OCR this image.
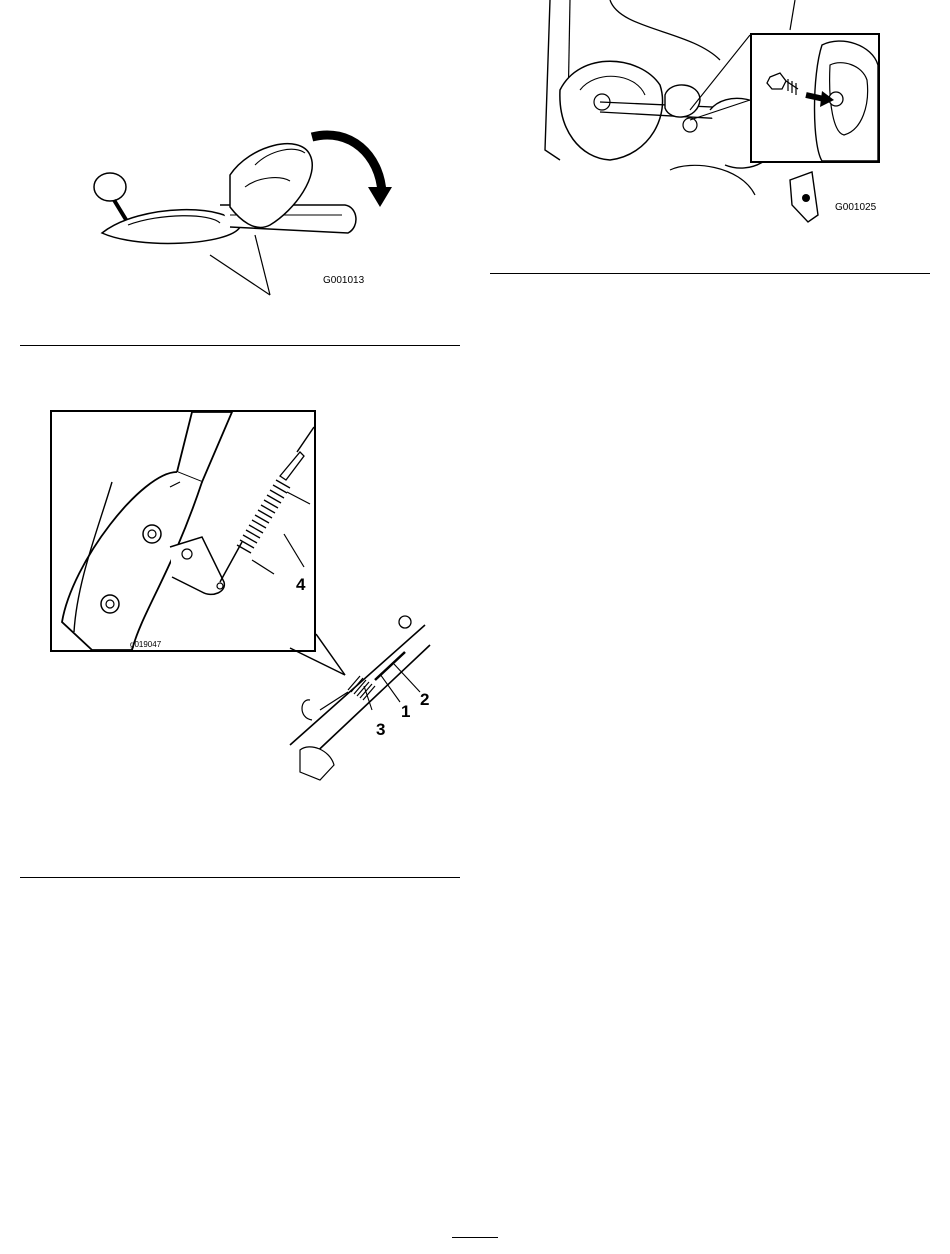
G001013
4
g019047
1
2
3
G001025
